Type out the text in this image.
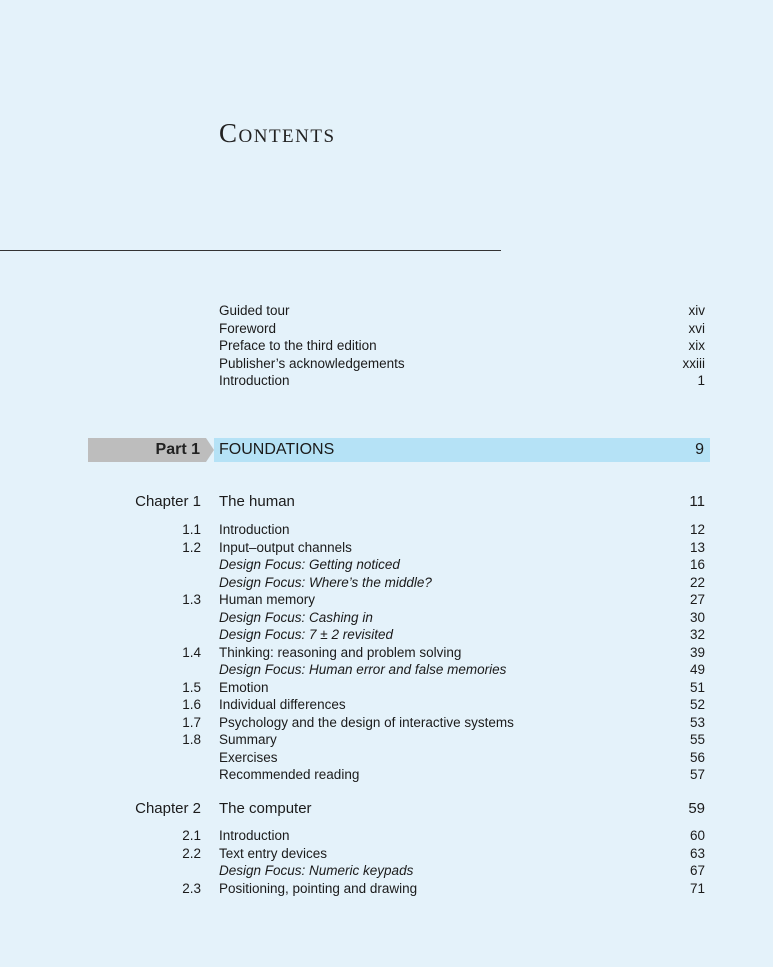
Contents
Guided tour	xiv
Foreword	xvi
Preface to the third edition	xix
Publisher’s acknowledgements	xxiii
Introduction	1
Part 1 FOUNDATIONS	9
Chapter 1 The human	11
1.1 Introduction	12
1.2 Input–output channels	13
Design Focus: Getting noticed	16
Design Focus: Where’s the middle?	22
1.3 Human memory	27
Design Focus: Cashing in	30
Design Focus: 7 ± 2 revisited	32
1.4 Thinking: reasoning and problem solving	39
Design Focus: Human error and false memories	49
1.5 Emotion	51
1.6 Individual differences	52
1.7 Psychology and the design of interactive systems	53
1.8 Summary	55
Exercises	56
Recommended reading	57
Chapter 2 The computer	59
2.1 Introduction	60
2.2 Text entry devices	63
Design Focus: Numeric keypads	67
2.3 Positioning, pointing and drawing	71
